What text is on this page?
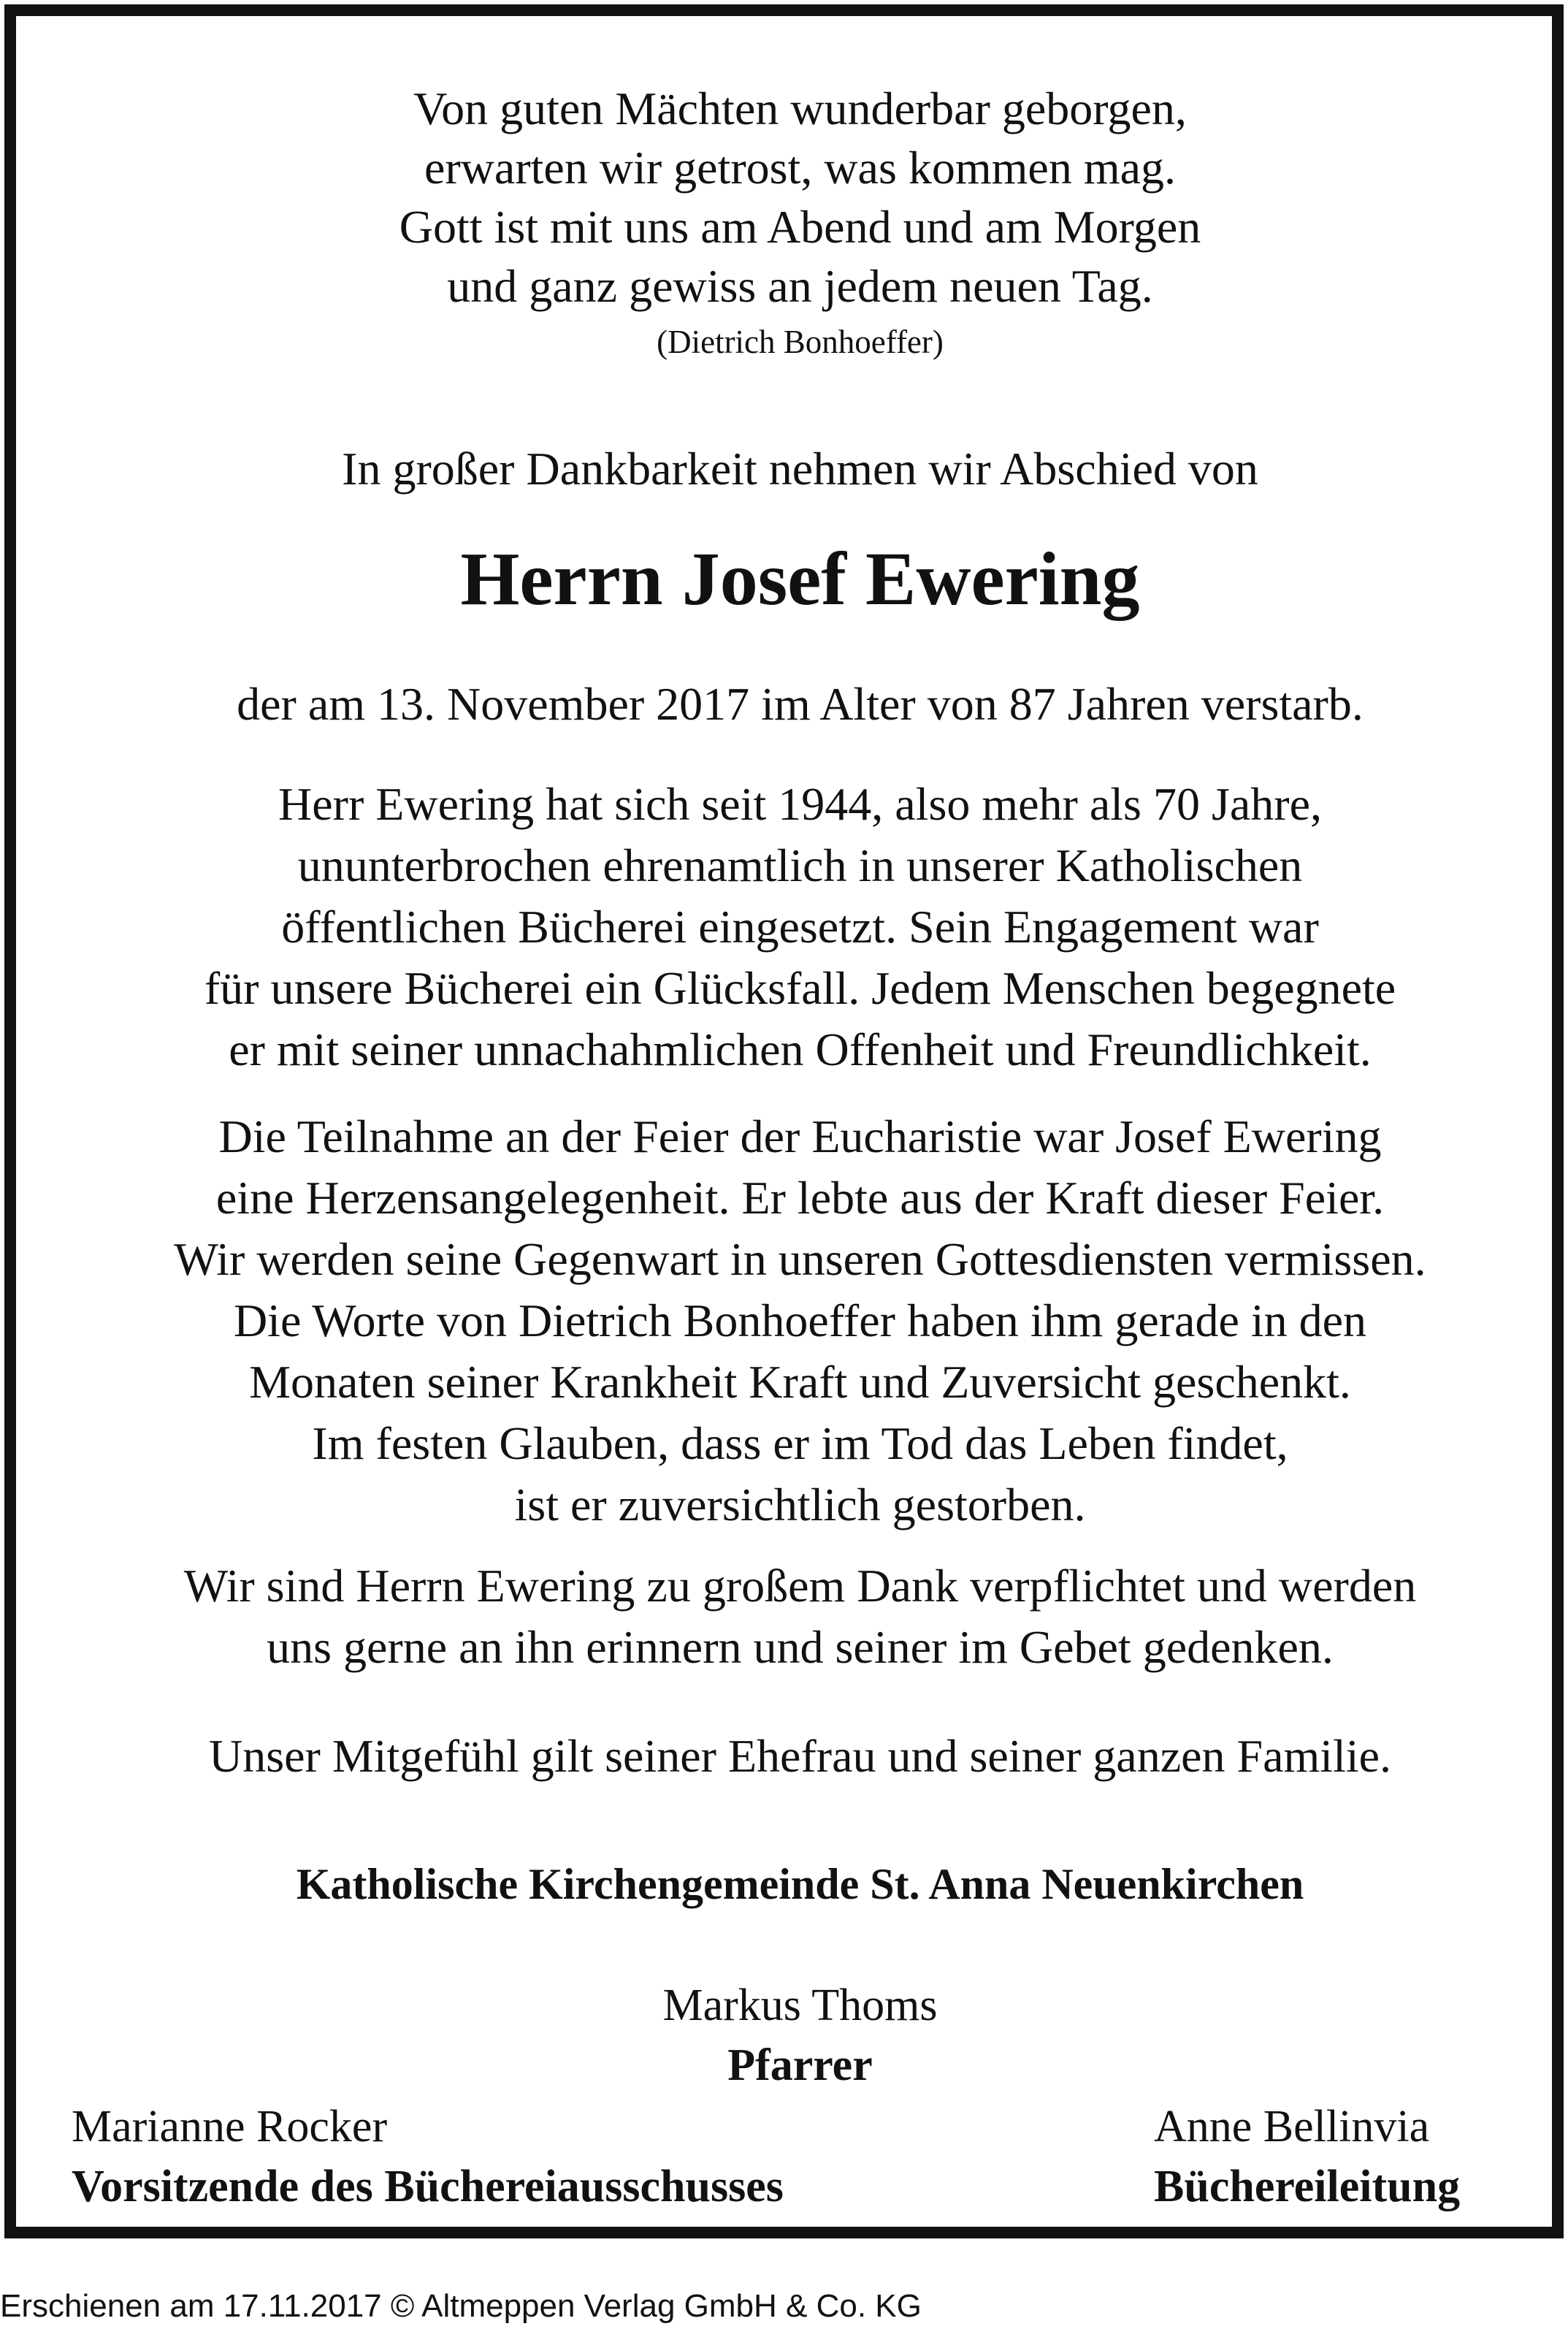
Von guten Mächten wunderbar geborgen,
erwarten wir getrost, was kommen mag.
Gott ist mit uns am Abend und am Morgen
und ganz gewiss an jedem neuen Tag.
(Dietrich Bonhoeffer)
In großer Dankbarkeit nehmen wir Abschied von
Herrn Josef Ewering
der am 13. November 2017 im Alter von 87 Jahren verstarb.
Herr Ewering hat sich seit 1944, also mehr als 70 Jahre,
ununterbrochen ehrenamtlich in unserer Katholischen
öffentlichen Bücherei eingesetzt. Sein Engagement war
für unsere Bücherei ein Glücksfall. Jedem Menschen begegnete
er mit seiner unnachahmlichen Offenheit und Freundlichkeit.
Die Teilnahme an der Feier der Eucharistie war Josef Ewering
eine Herzensangelegenheit. Er lebte aus der Kraft dieser Feier.
Wir werden seine Gegenwart in unseren Gottesdiensten vermissen.
Die Worte von Dietrich Bonhoeffer haben ihm gerade in den
Monaten seiner Krankheit Kraft und Zuversicht geschenkt.
Im festen Glauben, dass er im Tod das Leben findet,
ist er zuversichtlich gestorben.
Wir sind Herrn Ewering zu großem Dank verpflichtet und werden
uns gerne an ihn erinnern und seiner im Gebet gedenken.
Unser Mitgefühl gilt seiner Ehefrau und seiner ganzen Familie.
Katholische Kirchengemeinde St. Anna Neuenkirchen
Markus Thoms
Pfarrer
Marianne Rocker
Vorsitzende des Büchereiausschusses
Anne Bellinvia
Büchereileitung
Erschienen am 17.11.2017 © Altmeppen Verlag GmbH & Co. KG
